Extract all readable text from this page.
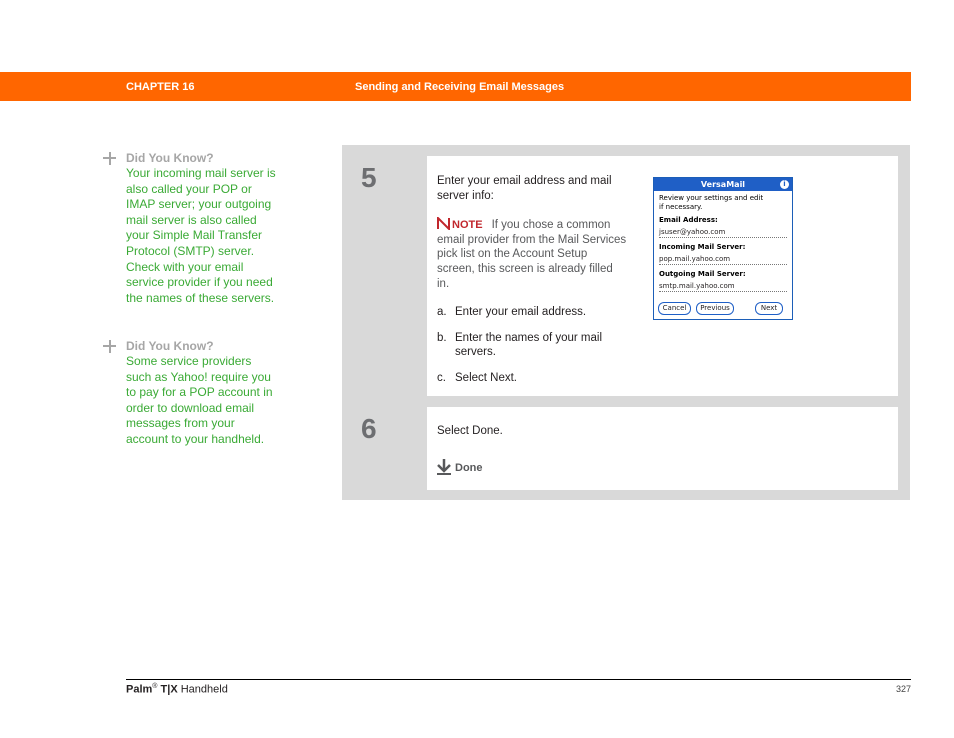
CHAPTER 16	Sending and Receiving Email Messages
Did You Know?
Your incoming mail server is also called your POP or IMAP server; your outgoing mail server is also called your Simple Mail Transfer Protocol (SMTP) server. Check with your email service provider if you need the names of these servers.
Did You Know?
Some service providers such as Yahoo! require you to pay for a POP account in order to download email messages from your account to your handheld.
5	Enter your email address and mail server info:
NOTE If you chose a common email provider from the Mail Services pick list on the Account Setup screen, this screen is already filled in.
a. Enter your email address.
b. Enter the names of your mail servers.
c. Select Next.
VersaMail	i
Review your settings and edit
if necessary.
Email Address:
jsuser@yahoo.com
Incoming Mail Server:
pop.mail.yahoo.com
Outgoing Mail Server:
smtp.mail.yahoo.com
Cancel	Previous	Next
6	Select Done.
Done
Palm® T|X Handheld	327
